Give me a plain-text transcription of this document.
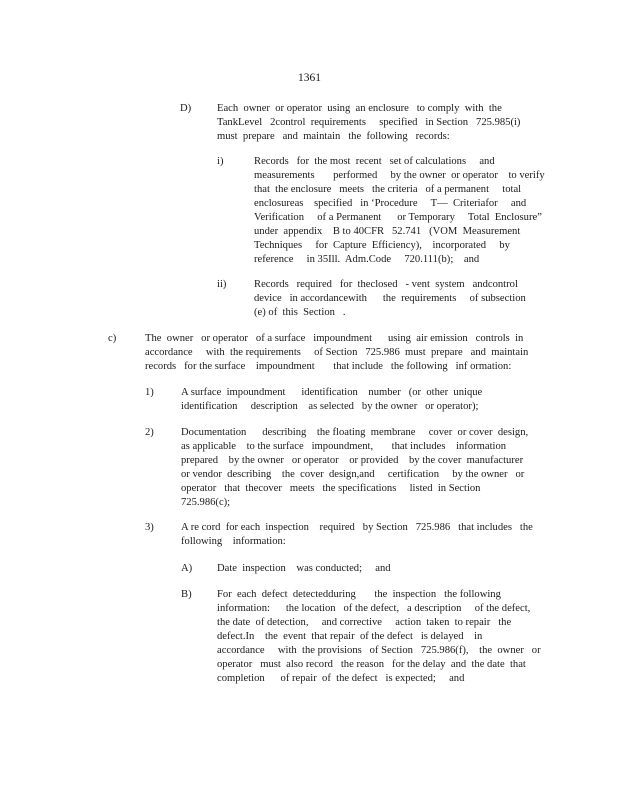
1361

D) Each  owner  or operator  using  an enclosure   to comply  with  the

TankLevel   2control  requirements     specified   in Section   725.985(i)

must  prepare   and  maintain   the  following   records:

i)	Records   for  the most  recent   set of calculations     and

measurements       performed     by the owner  or operator    to verify

that  the enclosure   meets   the criteria   of a permanent     total

enclosureas    specified   in ‘Procedure     T—  Criteriafor     and

Verification     of a Permanent      or Temporary     Total  Enclosure”

under  appendix    B to 40CFR   52.741   (VOM  Measurement

Techniques     for  Capture  Efficiency),    incorporated     by

reference     in 35Ill.  Adm.Code     720.111(b);    and

ii)	Records   required   for  theclosed   - vent  system   andcontrol

device   in accordancewith      the  requirements     of subsection

(e) of  this  Section   .

c)	The  owner   or operator   of a surface   impoundment      using  air emission   controls  in

accordance     with  the requirements     of Section   725.986  must  prepare   and  maintain

records   for the surface    impoundment       that include   the following   inf ormation:

1)	A surface  impoundment      identification    number   (or  other  unique

identification     description    as selected   by the owner   or operator);

2)	Documentation      describing    the floating  membrane     cover  or cover  design,

as applicable    to the surface   impoundment,       that includes    information

prepared    by the owner   or operator    or provided    by the cover  manufacturer

or vendor  describing    the  cover  design,and     certification     by the owner   or

operator   that  thecover   meets   the specifications     listed  in Section

725.986(c);

3)	A re cord  for each  inspection    required   by Section   725.986   that includes   the

following    information:

A) Date  inspection    was conducted;     and

B) For  each  defect  detectedduring       the  inspection   the following

information:      the location   of the defect,   a description     of the defect,

the date  of detection,     and corrective     action  taken  to repair   the

defect.In    the  event  that repair  of the defect   is delayed    in

accordance     with  the provisions   of Section   725.986(f),    the  owner   or

operator   must  also record   the reason   for the delay  and  the date  that

completion      of repair  of  the defect   is expected;     and
